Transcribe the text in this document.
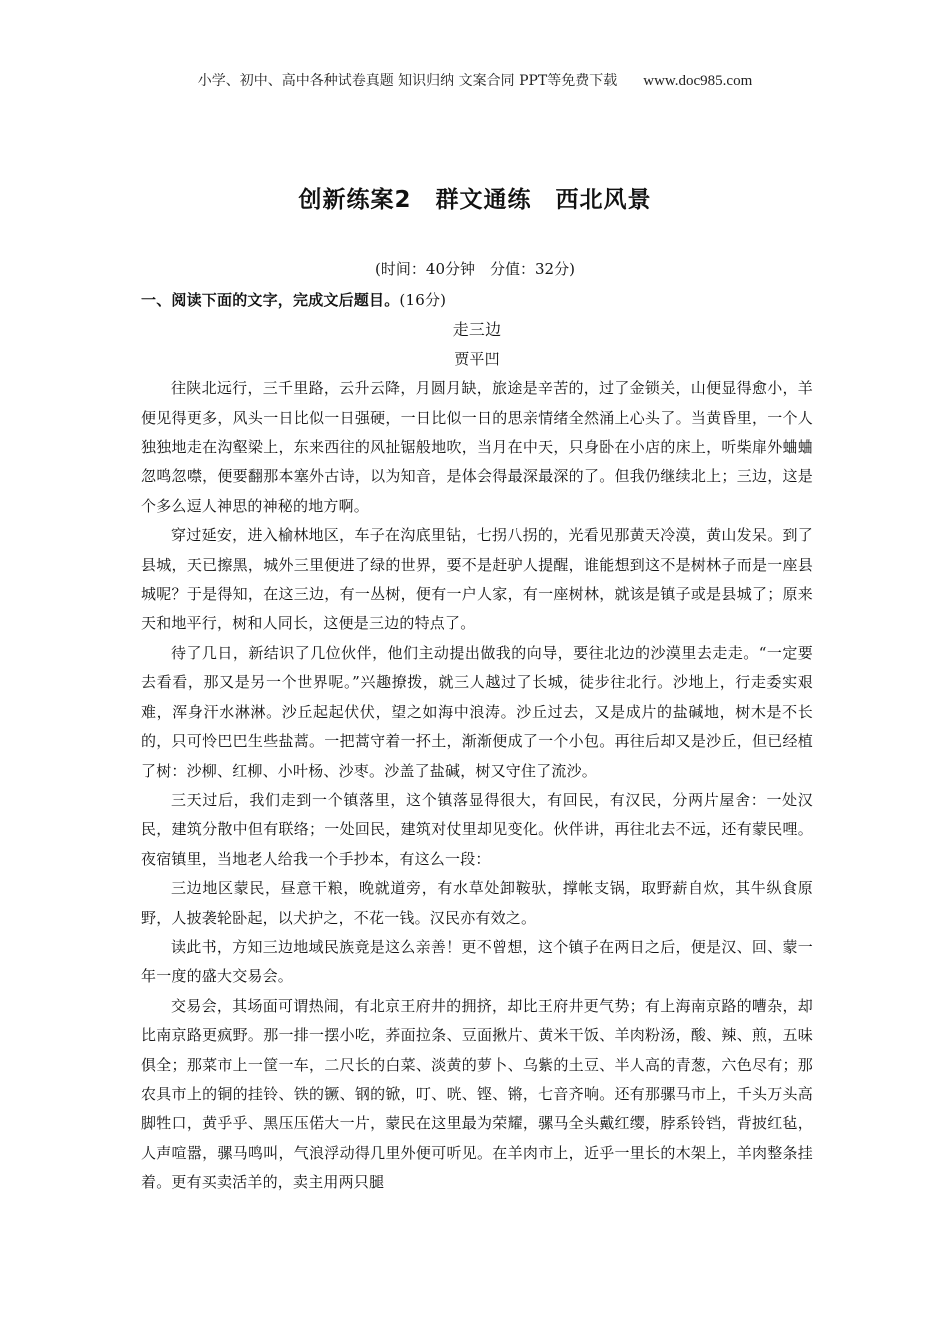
小学、初中、高中各种试卷真题 知识归纳 文案合同 PPT等免费下载 www.doc985.com
创新练案2　群文通练　西北风景
(时间：40分钟　分值：32分)

一、阅读下面的文字，完成文后题目。(16分)

走三边

贾平凹

往陕北远行，三千里路，云升云降，月圆月缺，旅途是辛苦的，过了金锁关，山便显得愈小，羊便见得更多，风头一日比似一日强硬，一日比似一日的思亲情绪全然涌上心头了。当黄昏里，一个人独独地走在沟壑梁上，东来西往的风扯锯般地吹，当月在中天，只身卧在小店的床上，听柴扉外蛐蛐忽鸣忽噤，便要翻那本塞外古诗，以为知音，是体会得最深最深的了。但我仍继续北上；三边，这是个多么逗人神思的神秘的地方啊。

穿过延安，进入榆林地区，车子在沟底里钻，七拐八拐的，光看见那黄天冷漠，黄山发呆。到了县城，天已擦黑，城外三里便进了绿的世界，要不是赶驴人提醒，谁能想到这不是树林子而是一座县城呢？于是得知，在这三边，有一丛树，便有一户人家，有一座树林，就该是镇子或是县城了；原来天和地平行，树和人同长，这便是三边的特点了。

待了几日，新结识了几位伙伴，他们主动提出做我的向导，要往北边的沙漠里去走走。“一定要去看看，那又是另一个世界呢。”兴趣撩拨，就三人越过了长城，徒步往北行。沙地上，行走委实艰难，浑身汗水淋淋。沙丘起起伏伏，望之如海中浪涛。沙丘过去，又是成片的盐碱地，树木是不长的，只可怜巴巴生些盐蒿。一把蒿守着一抔土，渐渐便成了一个小包。再往后却又是沙丘，但已经植了树：沙柳、红柳、小叶杨、沙枣。沙盖了盐碱，树又守住了流沙。

三天过后，我们走到一个镇落里，这个镇落显得很大，有回民，有汉民，分两片屋舍：一处汉民，建筑分散中但有联络；一处回民，建筑对仗里却见变化。伙伴讲，再往北去不远，还有蒙民哩。夜宿镇里，当地老人给我一个手抄本，有这么一段：

三边地区蒙民，昼意干粮，晚就道旁，有水草处卸鞍驮，撑帐支锅，取野薪自炊，其牛纵食原野，人披袭轮卧起，以犬护之，不花一钱。汉民亦有效之。

读此书，方知三边地域民族竟是这么亲善！更不曾想，这个镇子在两日之后，便是汉、回、蒙一年一度的盛大交易会。

交易会，其场面可谓热闹，有北京王府井的拥挤，却比王府井更气势；有上海南京路的嘈杂，却比南京路更疯野。那一排一摆小吃，荞面拉条、豆面揪片、黄米干饭、羊肉粉汤，酸、辣、煎，五味俱全；那菜市上一筐一车，二尺长的白菜、淡黄的萝卜、乌紫的土豆、半人高的青葱，六色尽有；那农具市上的铜的挂铃、铁的镢、钢的锨，叮、咣、铿、锵，七音齐响。还有那骡马市上，千头万头高脚牲口，黄乎乎、黑压压偌大一片，蒙民在这里最为荣耀，骡马全头戴红缨，脖系铃铛，背披红毡，人声喧嚣，骡马鸣叫，气浪浮动得几里外便可听见。在羊肉市上，近乎一里长的木架上，羊肉整条挂着。更有买卖活羊的，卖主用两只腿
